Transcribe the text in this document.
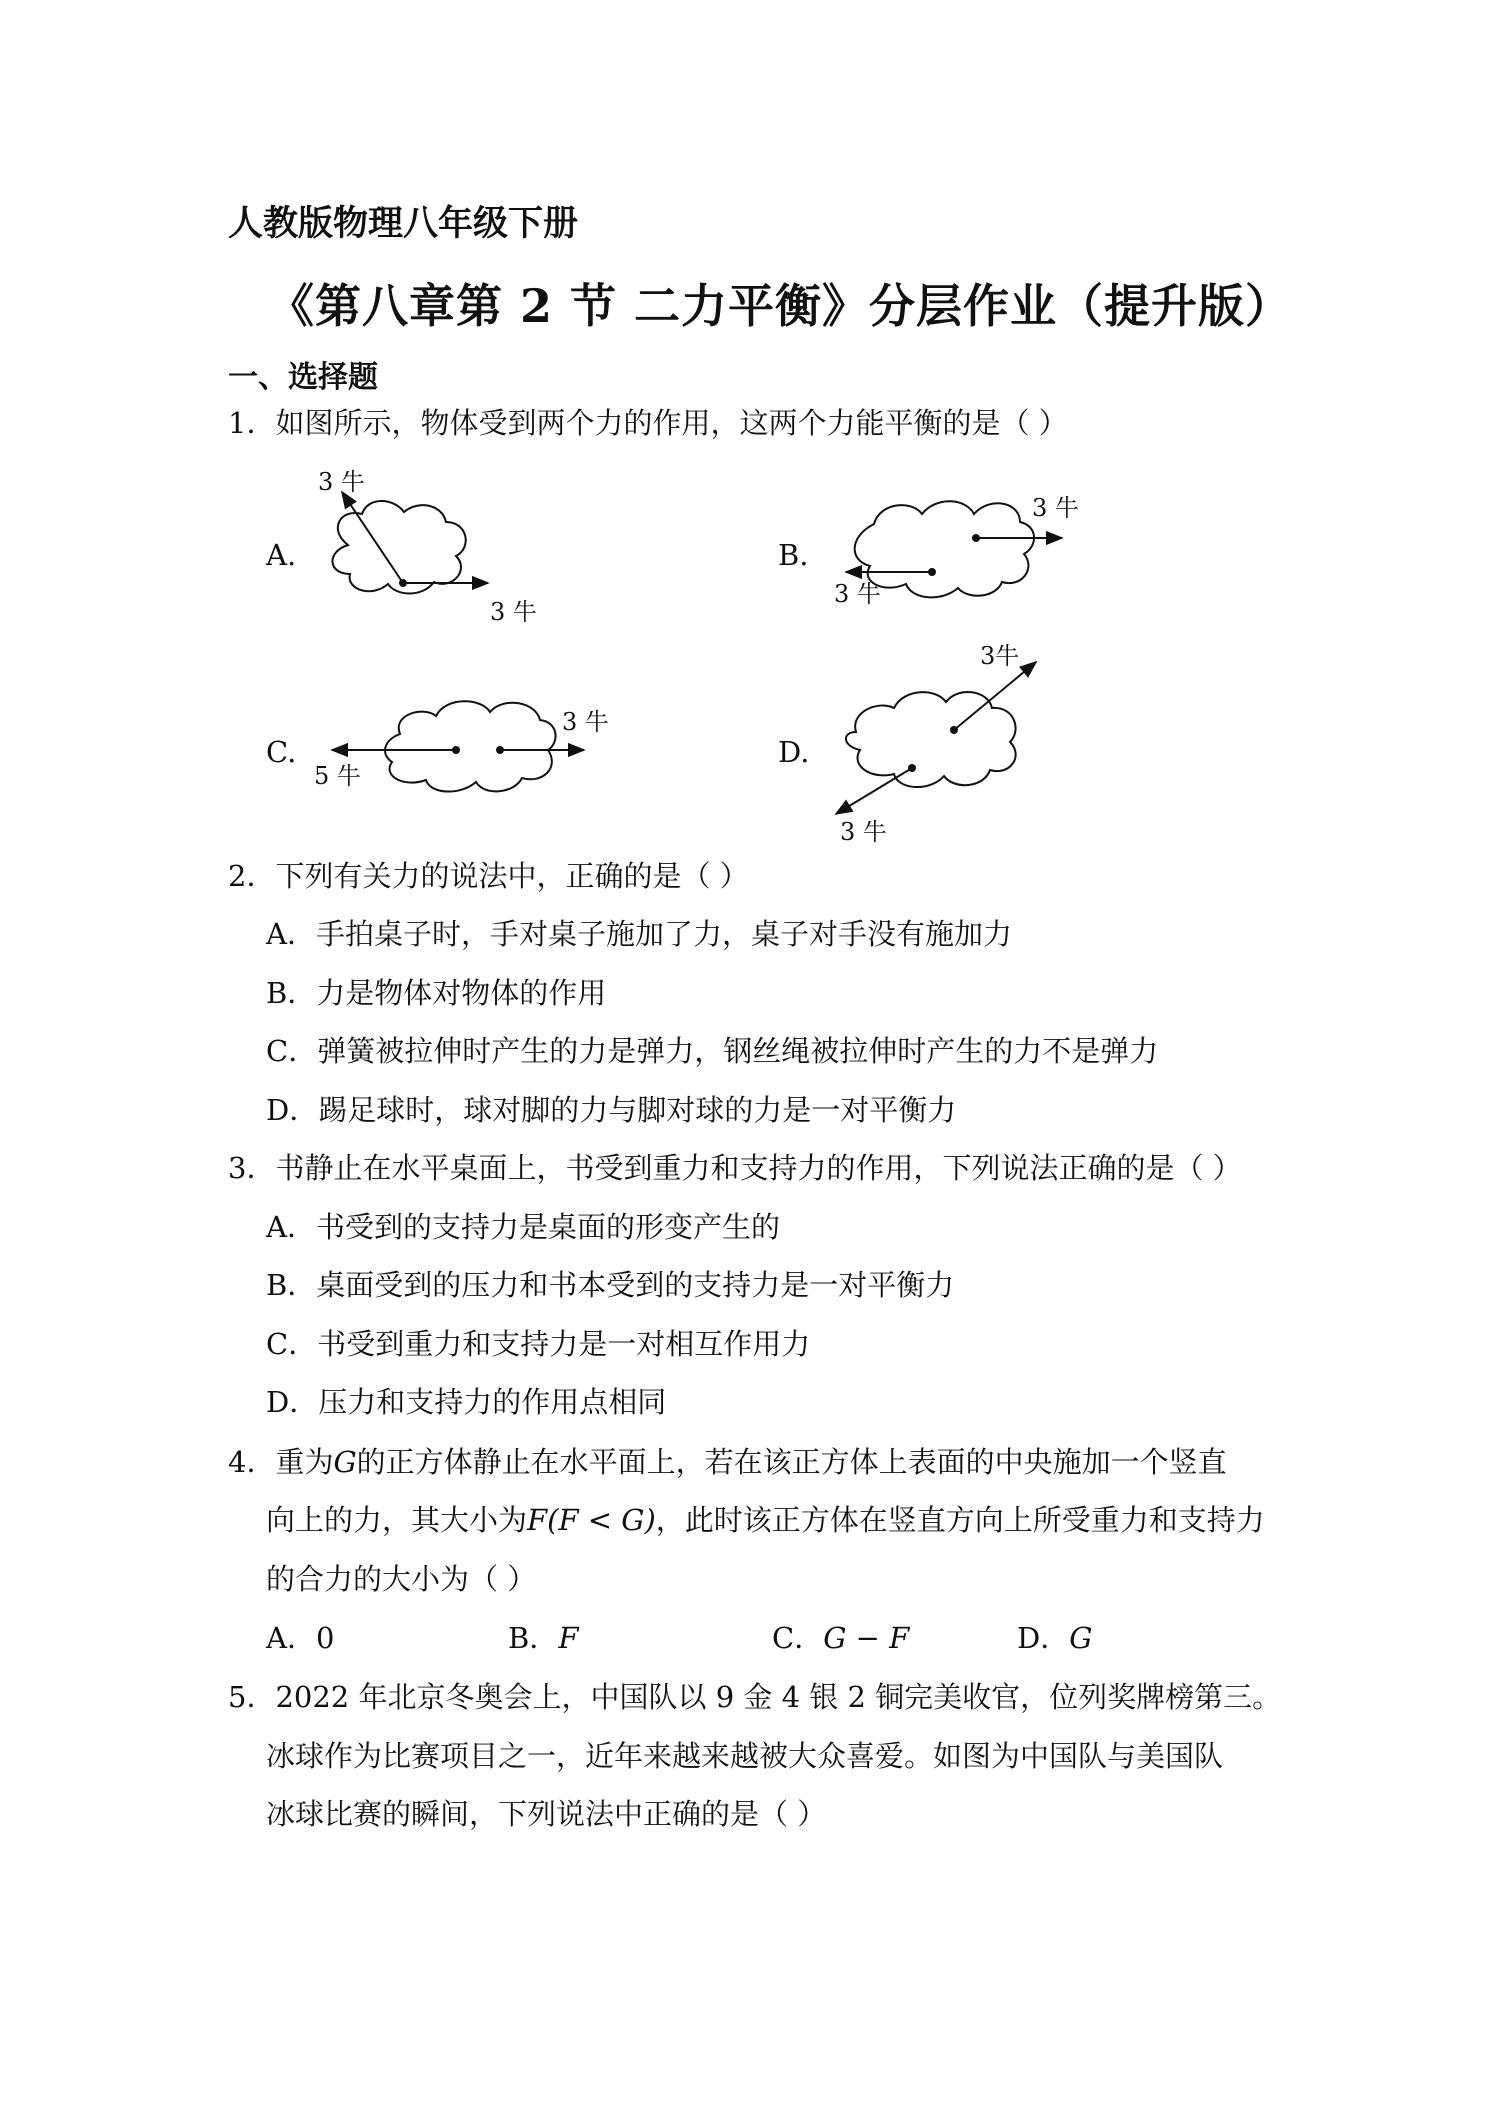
人教版物理八年级下册
《第八章第 2 节 二力平衡》分层作业（提升版）
一、选择题
1．如图所示，物体受到两个力的作用，这两个力能平衡的是（ ）
A.
3 牛
3 牛
B.
3 牛
3 牛
C.
5 牛
3 牛
D.
3牛
3 牛
2．下列有关力的说法中，正确的是（ ）
A．手拍桌子时，手对桌子施加了力，桌子对手没有施加力
B．力是物体对物体的作用
C．弹簧被拉伸时产生的力是弹力，钢丝绳被拉伸时产生的力不是弹力
D．踢足球时，球对脚的力与脚对球的力是一对平衡力
3．书静止在水平桌面上，书受到重力和支持力的作用，下列说法正确的是（ ）
A．书受到的支持力是桌面的形变产生的
B．桌面受到的压力和书本受到的支持力是一对平衡力
C．书受到重力和支持力是一对相互作用力
D．压力和支持力的作用点相同
4．重为G的正方体静止在水平面上，若在该正方体上表面的中央施加一个竖直
向上的力，其大小为F(F < G)，此时该正方体在竖直方向上所受重力和支持力
的合力的大小为（ ）
A．0	B．F	C．G − F	D．G
5．2022 年北京冬奥会上，中国队以 9 金 4 银 2 铜完美收官，位列奖牌榜第三。
冰球作为比赛项目之一，近年来越来越被大众喜爱。如图为中国队与美国队
冰球比赛的瞬间，下列说法中正确的是（ ）
